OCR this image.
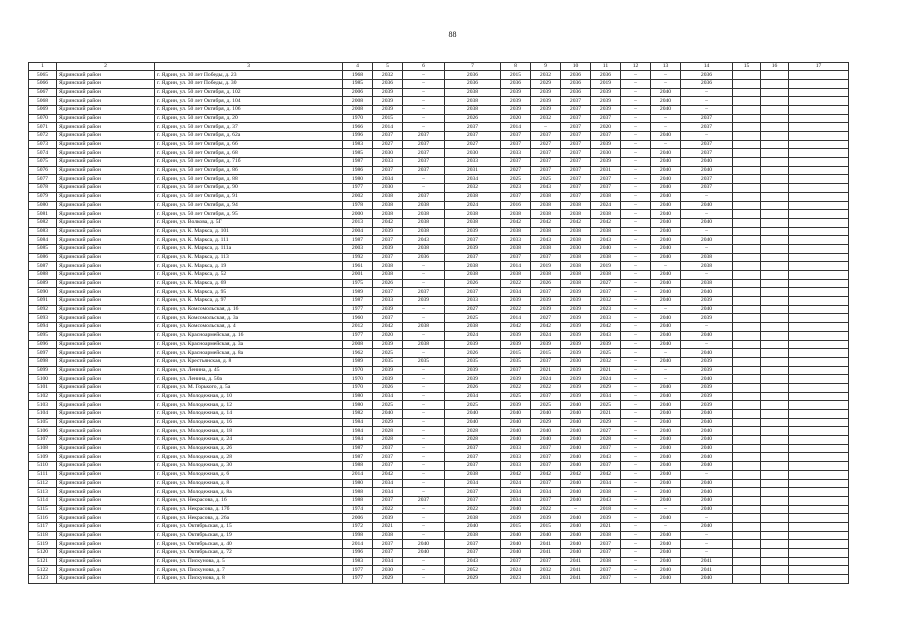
88
1	2	3	4	5	6	7	8	9	10	11	12	13	14	15	16	17
5065	Ядринский район	г. Ядрин, ул. 30 лет Победы, д. 23	1968	2032	–	2036	2015	2032	2036	2036	–	–	2036			
5066	Ядринский район	г. Ядрин, ул. 30 лет Победы, д. 30	1985	2036	–	2036	2036	2029	2036	2019	–	–	2036			
5067	Ядринский район	г. Ядрин, ул. 50 лет Октября, д. 102	2006	2039	–	2038	2039	2039	2036	2039	–	2040	–			
5068	Ядринский район	г. Ядрин, ул. 50 лет Октября, д. 104	2008	2039	–	2038	2039	2039	2037	2039	–	2040	–			
5069	Ядринский район	г. Ядрин, ул. 50 лет Октября, д. 106	2008	2039	–	2038	2039	2039	2037	2039	–	2040	–			
5070	Ядринский район	г. Ядрин, ул. 50 лет Октября, д. 20	1970	2015	–	2026	2020	2032	2037	2037	–	–	2037			
5071	Ядринский район	г. Ядрин, ул. 50 лет Октября, д. 37	1966	2014	–	2037	2014	–	2037	2020	–	–	2037			
5072	Ядринский район	г. Ядрин, ул. 50 лет Октября, д. 62а	1996	2037	2037	2037	2037	2037	2037	2037	–	2040	–			
5073	Ядринский район	г. Ядрин, ул. 50 лет Октября, д. 66	1983	2027	2037	2027	2037	2027	2037	2039	–	–	2037			
5074	Ядринский район	г. Ядрин, ул. 50 лет Октября, д. 68	1985	2030	2037	2030	2033	2037	2037	2030	–	2040	2037			
5075	Ядринский район	г. Ядрин, ул. 50 лет Октября, д. 71б	1987	2033	2037	2033	2037	2037	2037	2039	–	2040	2040			
5076	Ядринский район	г. Ядрин, ул. 50 лет Октября, д. 86	1986	2037	2037	2031	2027	2037	2037	2031	–	2040	2040			
5077	Ядринский район	г. Ядрин, ул. 50 лет Октября, д. 88	1980	2034	–	2034	2025	2025	2037	2037	–	2040	2037			
5078	Ядринский район	г. Ядрин, ул. 50 лет Октября, д. 90	1977	2030	–	2032	2023	2043	2037	2037	–	2040	2037			
5079	Ядринский район	г. Ядрин, ул. 50 лет Октября, д. 91	2002	2038	2037	2038	2037	2038	2037	2038	–	2040	–			
5080	Ядринский район	г. Ядрин, ул. 50 лет Октября, д. 94	1978	2038	2038	2024	2016	2038	2038	2024	–	2040	2040			
5081	Ядринский район	г. Ядрин, ул. 50 лет Октября, д. 95	2000	2038	2038	2038	2038	2038	2038	2038	–	2040	–			
5082	Ядринский район	г. Ядрин, ул. Волкова, д. 5Г	2013	2042	2038	2038	2042	2042	2042	2042	–	2040	2040			
5083	Ядринский район	г. Ядрин, ул. К. Маркса, д. 101	2004	2039	2038	2039	2038	2038	2038	2038	–	2040	–			
5084	Ядринский район	г. Ядрин, ул. К. Маркса, д. 111	1987	2037	2043	2037	2033	2043	2038	2043	–	2040	2040			
5085	Ядринский район	г. Ядрин, ул. К. Маркса, д. 111а	2003	2039	2038	2039	2038	2038	2030	2040	–	2040	–			
5086	Ядринский район	г. Ядрин, ул. К. Маркса, д. 113	1992	2037	2036	2037	2037	2037	2038	2038	–	2040	2038			
5087	Ядринский район	г. Ядрин, ул. К. Маркса, д. 19	1961	2038	–	2038	2014	2019	2038	2019	–	–	2038			
5088	Ядринский район	г. Ядрин, ул. К. Маркса, д. 52	2001	2038	–	2038	2038	2038	2038	2038	–	2040	–			
5089	Ядринский район	г. Ядрин, ул. К. Маркса, д. 69	1975	2026	–	2026	2022	2026	2038	2027	–	2040	2038			
5090	Ядринский район	г. Ядрин, ул. К. Маркса, д. 95	1989	2037	2037	2037	2034	2037	2039	2037	–	2040	2040			
5091	Ядринский район	г. Ядрин, ул. К. Маркса, д. 97	1987	2033	2039	2033	2039	2039	2039	2032	–	2040	2039			
5092	Ядринский район	г. Ядрин, ул. Комсомольская, д. 16	1977	2039	–	2027	2022	2039	2039	2023	–	–	2040			
5093	Ядринский район	г. Ядрин, ул. Комсомольская, д. 3а	1960	2037	–	2025	2014	2027	2039	2033	–	2040	2039			
5094	Ядринский район	г. Ядрин, ул. Комсомольская, д. 4	2012	2042	2038	2038	2042	2042	2039	2042	–	2040	–			
5095	Ядринский район	г. Ядрин, ул. Красноармейская, д. 16	1977	2020	–	2024	2039	2024	2039	2043	–	2040	2040			
5096	Ядринский район	г. Ядрин, ул. Красноармейская, д. 3а	2008	2039	2038	2039	2039	2039	2039	2039	–	2040	–			
5097	Ядринский район	г. Ядрин, ул. Красноармейская, д. 8а	1962	2025	–	2026	2015	2015	2039	2025	–	–	2040			
5098	Ядринский район	г. Ядрин, ул. Крестьянская, д. 8	1989	2035	2035	2035	2035	2037	2030	2032	–	2040	2039			
5099	Ядринский район	г. Ядрин, ул. Ленина, д. 45	1970	2039	–	2039	2037	2021	2039	2021	–	–	2039			
5100	Ядринский район	г. Ядрин, ул. Ленина, д. 50а	1970	2039	–	2039	2039	2024	2039	2024	–	–	2040			
5101	Ядринский район	г. Ядрин, ул. М. Горького, д. 5а	1970	2026	–	2026	2022	2022	2039	2029	–	2040	2039			
5102	Ядринский район	г. Ядрин, ул. Молодежная, д. 10	1980	2034	–	2034	2025	2037	2039	2034	–	2040	2039			
5103	Ядринский район	г. Ядрин, ул. Молодежная, д. 12	1980	2025	–	2025	2039	2025	2040	2025	–	2040	2039			
5104	Ядринский район	г. Ядрин, ул. Молодежная, д. 14	1982	2040	–	2040	2040	2040	2040	2021	–	2040	2040			
5105	Ядринский район	г. Ядрин, ул. Молодежная, д. 16	1984	2029	–	2040	2040	2029	2040	2029	–	2040	2040			
5106	Ядринский район	г. Ядрин, ул. Молодежная, д. 18	1984	2028	–	2028	2040	2040	2040	2027	–	2040	2040			
5107	Ядринский район	г. Ядрин, ул. Молодежная, д. 24	1984	2028	–	2028	2040	2040	2040	2028	–	2040	2040			
5108	Ядринский район	г. Ядрин, ул. Молодежная, д. 26	1987	2037	–	2037	2033	2037	2040	2037	–	2040	2040			
5109	Ядринский район	г. Ядрин, ул. Молодежная, д. 28	1987	2037	–	2037	2033	2037	2040	2043	–	2040	2040			
5110	Ядринский район	г. Ядрин, ул. Молодежная, д. 30	1988	2037	–	2037	2033	2037	2040	2037	–	2040	2040			
5111	Ядринский район	г. Ядрин, ул. Молодежная, д. 6	2014	2042	–	2038	2042	2042	2042	2042	–	2040	–			
5112	Ядринский район	г. Ядрин, ул. Молодежная, д. 8	1980	2034	–	2034	2024	2037	2040	2034	–	2040	2040			
5113	Ядринский район	г. Ядрин, ул. Молодежная, д. 8а	1988	2034	–	2037	2034	2034	2040	2038	–	2040	2040			
5114	Ядринский район	г. Ядрин, ул. Некрасова, д. 16	1988	2037	2037	2037	2034	2037	2040	2043	–	2040	2040			
5115	Ядринский район	г. Ядрин, ул. Некрасова, д. 17б	1974	2022	–	2022	2040	2022	–	2018	–	–	2040			
5116	Ядринский район	г. Ядрин, ул. Некрасова, д. 26а	2006	2039	–	2038	2039	2039	2040	2039	–	2040	–			
5117	Ядринский район	г. Ядрин, ул. Октябрьская, д. 15	1972	2021	–	2040	2015	2015	2040	2021	–	–	2040			
5118	Ядринский район	г. Ядрин, ул. Октябрьская, д. 19	1998	2038	–	2038	2040	2040	2040	2038	–	2040	–			
5119	Ядринский район	г. Ядрин, ул. Октябрьская, д. 40	2014	2037	2040	2037	2040	2041	2040	2037	–	2040	–			
5120	Ядринский район	г. Ядрин, ул. Октябрьская, д. 72	1996	2037	2040	2037	2040	2041	2040	2037	–	2040	–			
5121	Ядринский район	г. Ядрин, ул. Пискунова, д. 5	1983	2034	–	2043	2037	2037	2041	2038	–	2040	2041			
5122	Ядринский район	г. Ядрин, ул. Пискунова, д. 7	1977	2030	–	2052	2024	2032	2041	2037	–	2040	2041			
5123	Ядринский район	г. Ядрин, ул. Пискунова, д. 8	1977	2029	–	2029	2023	2031	2041	2037	–	2040	2040			
